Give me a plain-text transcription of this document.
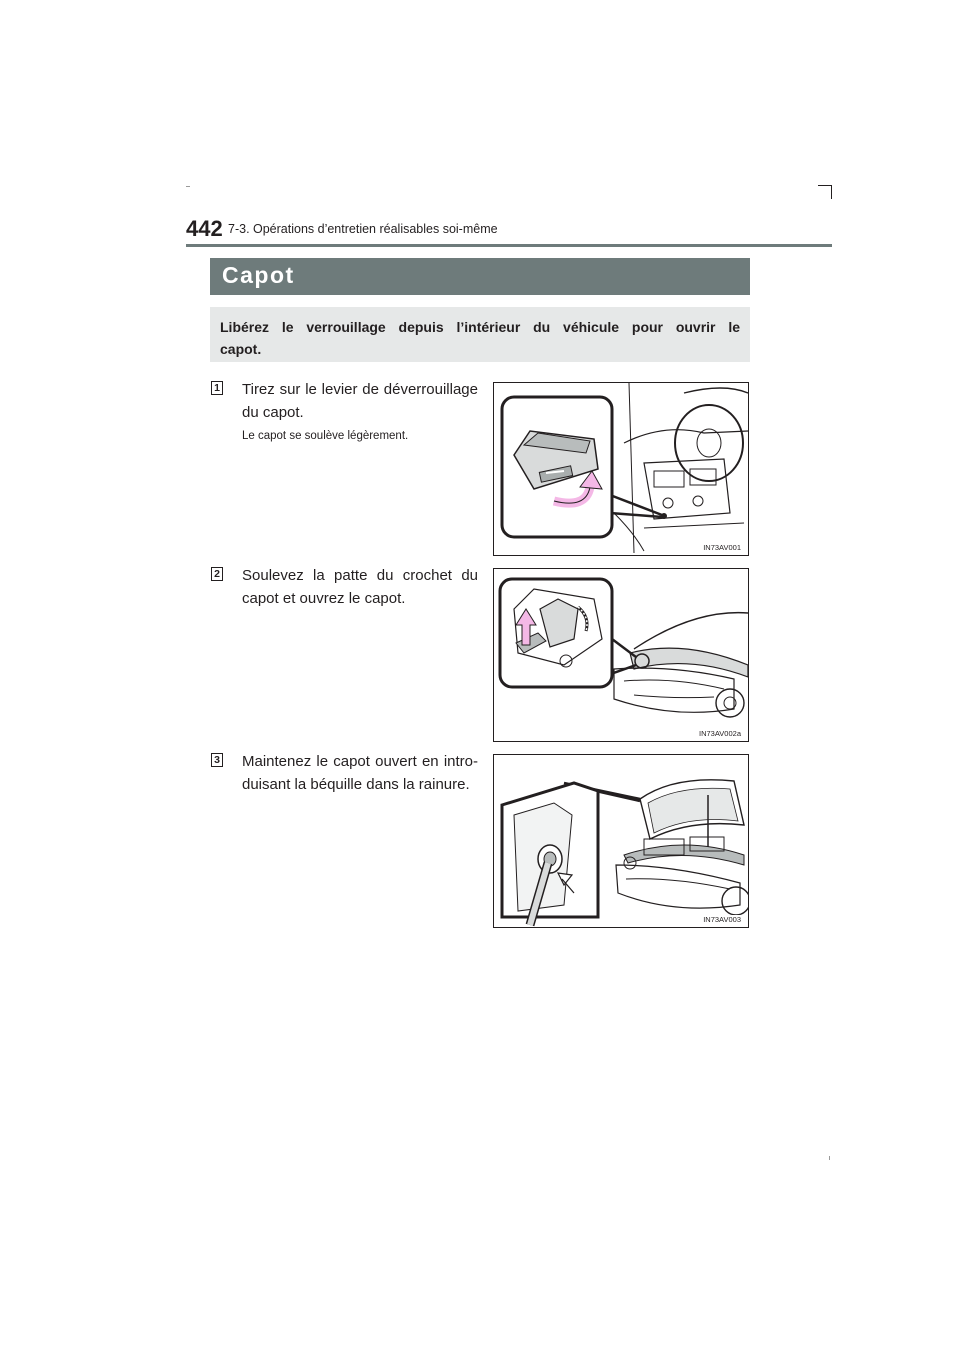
442 7-3. Opérations d’entretien réalisables soi-même
Capot
Libérez le verrouillage depuis l’intérieur du véhicule pour ouvrir le capot.
1 Tirez sur le levier de déverrouillage du capot.
Le capot se soulève légèrement.
IN73AV001
2 Soulevez la patte du crochet du capot et ouvrez le capot.
IN73AV002a
3 Maintenez le capot ouvert en intro-duisant la béquille dans la rainure.
IN73AV003
carmanualsonline.info
